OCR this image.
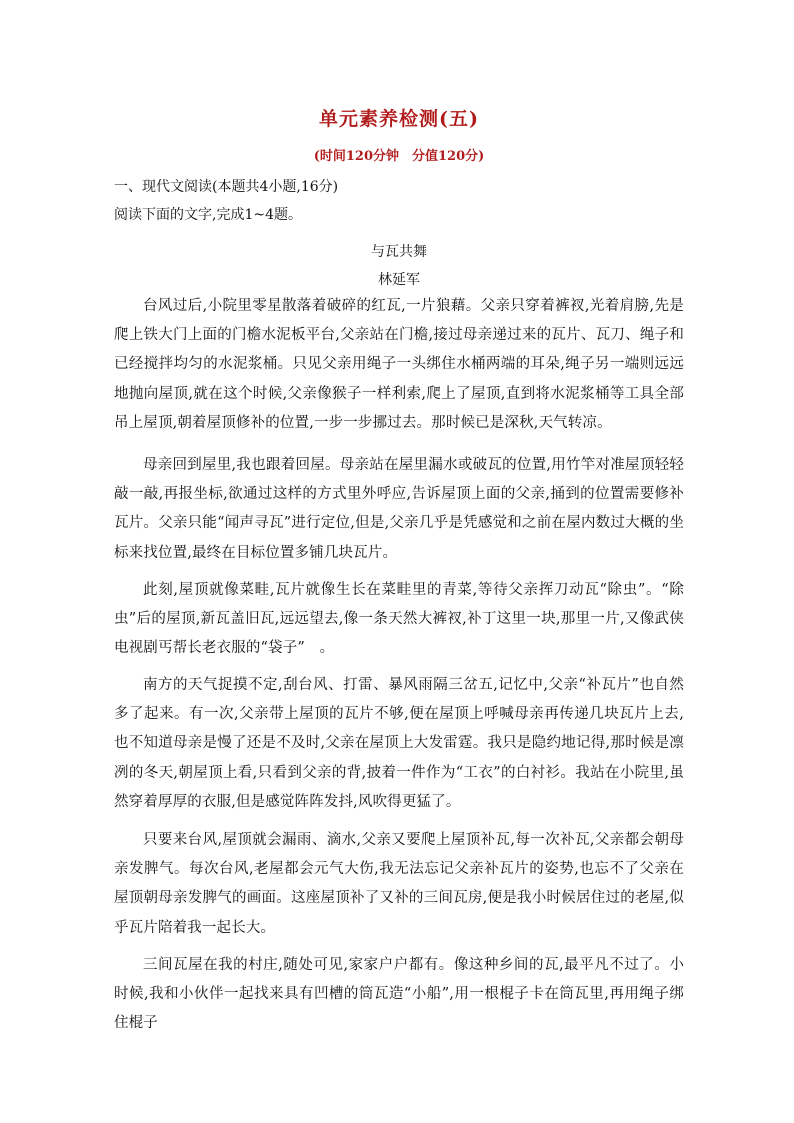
单元素养检测(五)
(时间120分钟　分值120分)
一、现代文阅读(本题共4小题,16分)
阅读下面的文字,完成1~4题。
与瓦共舞
林延军

台风过后,小院里零星散落着破碎的红瓦,一片狼藉。父亲只穿着裤衩,光着肩膀,先是爬上铁大门上面的门檐水泥板平台,父亲站在门檐,接过母亲递过来的瓦片、瓦刀、绳子和已经搅拌均匀的水泥浆桶。只见父亲用绳子一头绑住水桶两端的耳朵,绳子另一端则远远地抛向屋顶,就在这个时候,父亲像猴子一样利索,爬上了屋顶,直到将水泥浆桶等工具全部吊上屋顶,朝着屋顶修补的位置,一步一步挪过去。那时候已是深秋,天气转凉。

母亲回到屋里,我也跟着回屋。母亲站在屋里漏水或破瓦的位置,用竹竿对准屋顶轻轻敲一敲,再报坐标,欲通过这样的方式里外呼应,告诉屋顶上面的父亲,捅到的位置需要修补瓦片。父亲只能“闻声寻瓦”进行定位,但是,父亲几乎是凭感觉和之前在屋内数过大概的坐标来找位置,最终在目标位置多铺几块瓦片。

此刻,屋顶就像菜畦,瓦片就像生长在菜畦里的青菜,等待父亲挥刀动瓦“除虫”。“除虫”后的屋顶,新瓦盖旧瓦,远远望去,像一条天然大裤衩,补丁这里一块,那里一片,又像武侠电视剧丐帮长老衣服的“袋子”　。

南方的天气捉摸不定,刮台风、打雷、暴风雨隔三岔五,记忆中,父亲“补瓦片”也自然多了起来。有一次,父亲带上屋顶的瓦片不够,便在屋顶上呼喊母亲再传递几块瓦片上去,也不知道母亲是慢了还是不及时,父亲在屋顶上大发雷霆。我只是隐约地记得,那时候是凛冽的冬天,朝屋顶上看,只看到父亲的背,披着一件作为“工衣”的白衬衫。我站在小院里,虽然穿着厚厚的衣服,但是感觉阵阵发抖,风吹得更猛了。

只要来台风,屋顶就会漏雨、滴水,父亲又要爬上屋顶补瓦,每一次补瓦,父亲都会朝母亲发脾气。每次台风,老屋都会元气大伤,我无法忘记父亲补瓦片的姿势,也忘不了父亲在屋顶朝母亲发脾气的画面。这座屋顶补了又补的三间瓦房,便是我小时候居住过的老屋,似乎瓦片陪着我一起长大。

三间瓦屋在我的村庄,随处可见,家家户户都有。像这种乡间的瓦,最平凡不过了。小时候,我和小伙伴一起找来具有凹槽的筒瓦造“小船”,用一根棍子卡在筒瓦里,再用绳子绑住棍子
